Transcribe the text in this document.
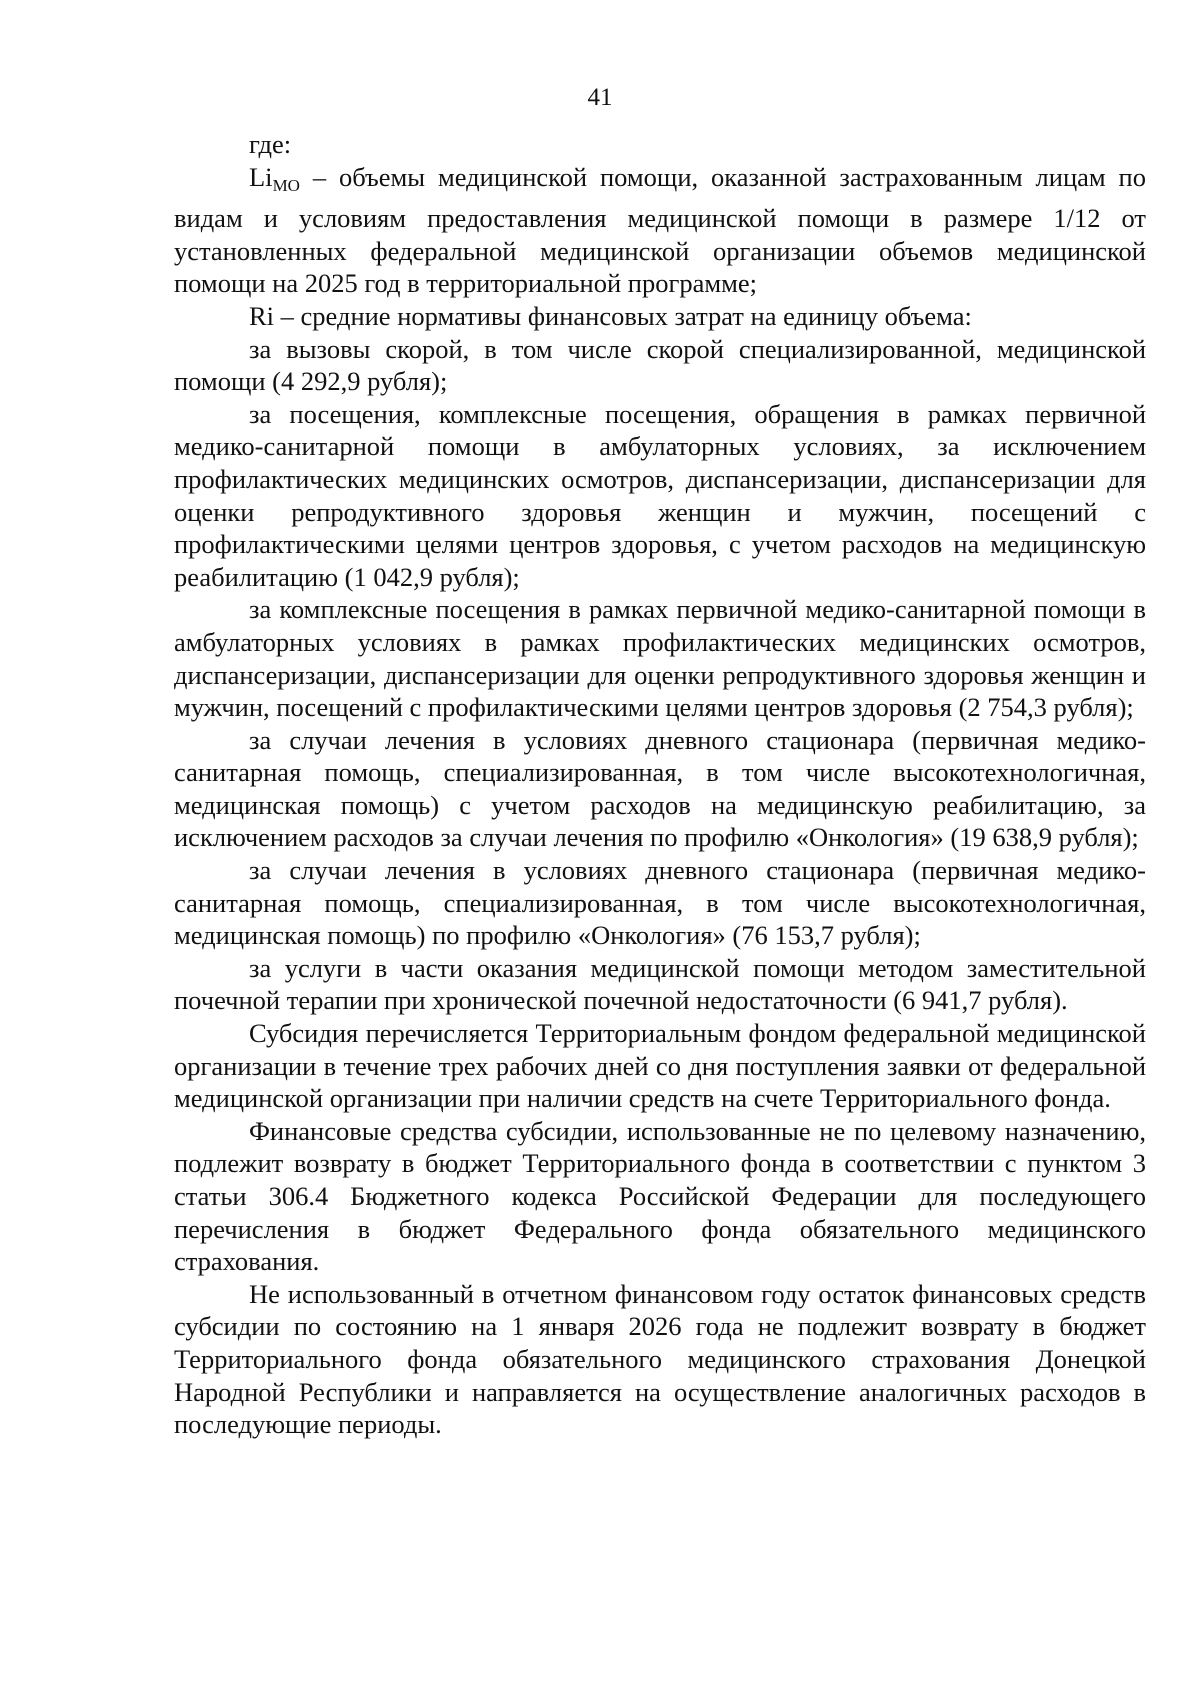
41

где:

$Li_{МО}$ – объемы медицинской помощи, оказанной застрахованным лицам по видам и условиям предоставления медицинской помощи в размере 1/12 от установленных федеральной медицинской организации объемов медицинской помощи на 2025 год в территориальной программе;

Ri – средние нормативы финансовых затрат на единицу объема:

за вызовы скорой, в том числе скорой специализированной, медицинской помощи (4 292,9 рубля);

за посещения, комплексные посещения, обращения в рамках первичной медико-санитарной помощи в амбулаторных условиях, за исключением профилактических медицинских осмотров, диспансеризации, диспансеризации для оценки репродуктивного здоровья женщин и мужчин, посещений с профилактическими целями центров здоровья, с учетом расходов на медицинскую реабилитацию (1 042,9 рубля);

за комплексные посещения в рамках первичной медико-санитарной помощи в амбулаторных условиях в рамках профилактических медицинских осмотров, диспансеризации, диспансеризации для оценки репродуктивного здоровья женщин и мужчин, посещений с профилактическими целями центров здоровья (2 754,3 рубля);

за случаи лечения в условиях дневного стационара (первичная медико-санитарная помощь, специализированная, в том числе высокотехнологичная, медицинская помощь) с учетом расходов на медицинскую реабилитацию, за исключением расходов за случаи лечения по профилю «Онкология» (19 638,9 рубля);

за случаи лечения в условиях дневного стационара (первичная медико-санитарная помощь, специализированная, в том числе высокотехнологичная, медицинская помощь) по профилю «Онкология» (76 153,7 рубля);

за услуги в части оказания медицинской помощи методом заместительной почечной терапии при хронической почечной недостаточности (6 941,7 рубля).

Субсидия перечисляется Территориальным фондом федеральной медицинской организации в течение трех рабочих дней со дня поступления заявки от федеральной медицинской организации при наличии средств на счете Территориального фонда.

Финансовые средства субсидии, использованные не по целевому назначению, подлежит возврату в бюджет Территориального фонда в соответствии с пунктом 3 статьи 306.4 Бюджетного кодекса Российской Федерации для последующего перечисления в бюджет Федерального фонда обязательного медицинского страхования.

Не использованный в отчетном финансовом году остаток финансовых средств субсидии по состоянию на 1 января 2026 года не подлежит возврату в бюджет Территориального фонда обязательного медицинского страхования Донецкой Народной Республики и направляется на осуществление аналогичных расходов в последующие периоды.
